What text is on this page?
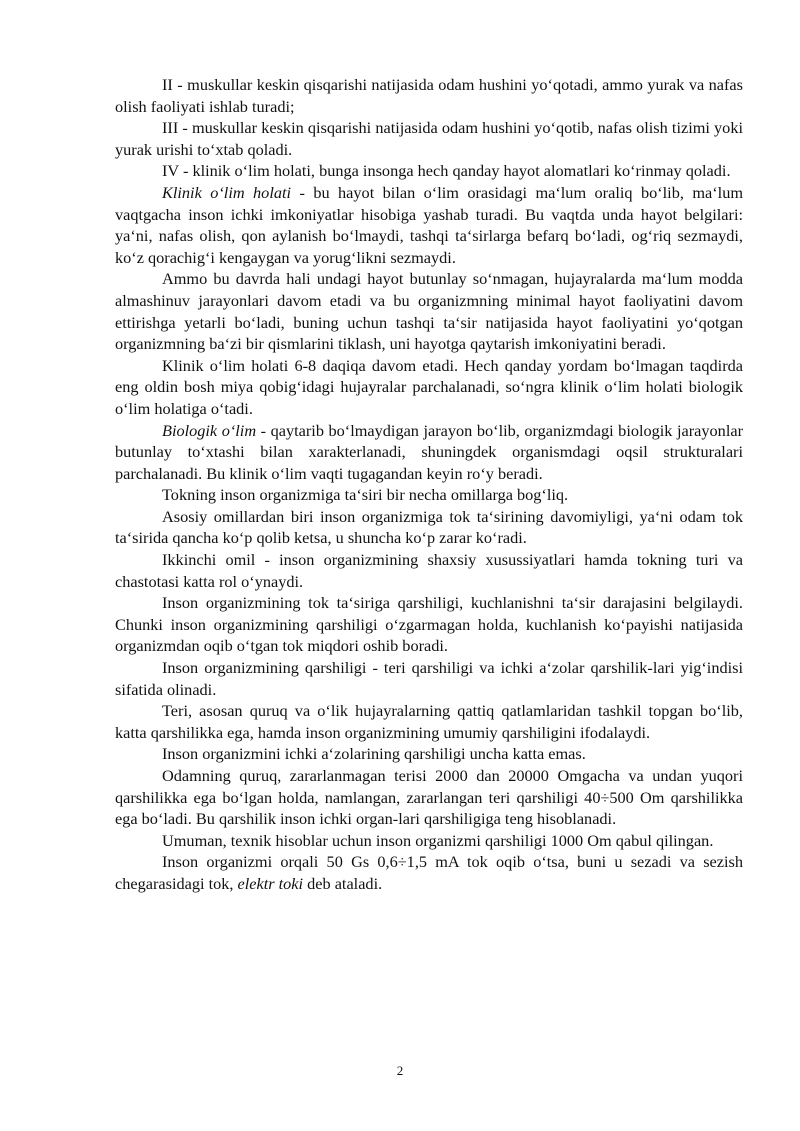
II - muskullar keskin qisqarishi natijasida odam hushini yo‘qotadi, ammo yurak va nafas olish faoliyati ishlab turadi;

III - muskullar keskin qisqarishi natijasida odam hushini yo‘qotib, nafas olish tizimi yoki yurak urishi to‘xtab qoladi.

IV - klinik o‘lim holati, bunga insonga hech qanday hayot alomatlari ko‘rinmay qoladi.

Klinik o‘lim holati - bu hayot bilan o‘lim orasidagi ma‘lum oraliq bo‘lib, ma‘lum vaqtgacha inson ichki imkoniyatlar hisobiga yashab turadi. Bu vaqtda unda hayot belgilari: ya‘ni, nafas olish, qon aylanish bo‘lmaydi, tashqi ta‘sirlarga befarq bo‘ladi, og‘riq sezmaydi, ko‘z qorachig‘i kengaygan va yorug‘likni sezmaydi.

Ammo bu davrda hali undagi hayot butunlay so‘nmagan, hujayralarda ma‘lum modda almashinuv jarayonlari davom etadi va bu organizmning minimal hayot faoliyatini davom ettirishga yetarli bo‘ladi, buning uchun tashqi ta‘sir natijasida hayot faoliyatini yo‘qotgan organizmning ba‘zi bir qismlarini tiklash, uni hayotga qaytarish imkoniyatini beradi.

Klinik o‘lim holati 6-8 daqiqa davom etadi. Hech qanday yordam bo‘lmagan taqdirda eng oldin bosh miya qobig‘idagi hujayralar parchalanadi, so‘ngra klinik o‘lim holati biologik o‘lim holatiga o‘tadi.

Biologik o‘lim - qaytarib bo‘lmaydigan jarayon bo‘lib, organizmdagi biologik jarayonlar butunlay to‘xtashi bilan xarakterlanadi, shuningdek organismdagi oqsil strukturalari parchalanadi. Bu klinik o‘lim vaqti tugagandan keyin ro‘y beradi.

Tokning inson organizmiga ta‘siri bir necha omillarga bog‘liq.

Asosiy omillardan biri inson organizmiga tok ta‘sirining davomiyligi, ya‘ni odam tok ta‘sirida qancha ko‘p qolib ketsa, u shuncha ko‘p zarar ko‘radi.

Ikkinchi omil - inson organizmining shaxsiy xusussiyatlari hamda tokning turi va chastotasi katta rol o‘ynaydi.

Inson organizmining tok ta‘siriga qarshiligi, kuchlanishni ta‘sir darajasini belgilaydi. Chunki inson organizmining qarshiligi o‘zgarmagan holda, kuchlanish ko‘payishi natijasida organizmdan oqib o‘tgan tok miqdori oshib boradi.

Inson organizmining qarshiligi - teri qarshiligi va ichki a‘zolar qarshilik-lari yig‘indisi sifatida olinadi.

Teri, asosan quruq va o‘lik hujayralarning qattiq qatlamlaridan tashkil topgan bo‘lib, katta qarshilikka ega, hamda inson organizmining umumiy qarshiligini ifodalaydi.

Inson organizmini ichki a‘zolarining qarshiligi uncha katta emas.

Odamning quruq, zararlanmagan terisi 2000 dan 20000 Omgacha va undan yuqori qarshilikka ega bo‘lgan holda, namlangan, zararlangan teri qarshiligi 40÷500 Om qarshilikka ega bo‘ladi. Bu qarshilik inson ichki organ-lari qarshiligiga teng hisoblanadi.

Umuman, texnik hisoblar uchun inson organizmi qarshiligi 1000 Om qabul qilingan.

Inson organizmi orqali 50 Gs 0,6÷1,5 mA tok oqib o‘tsa, buni u sezadi va sezish chegarasidagi tok, elektr toki deb ataladi.

2
